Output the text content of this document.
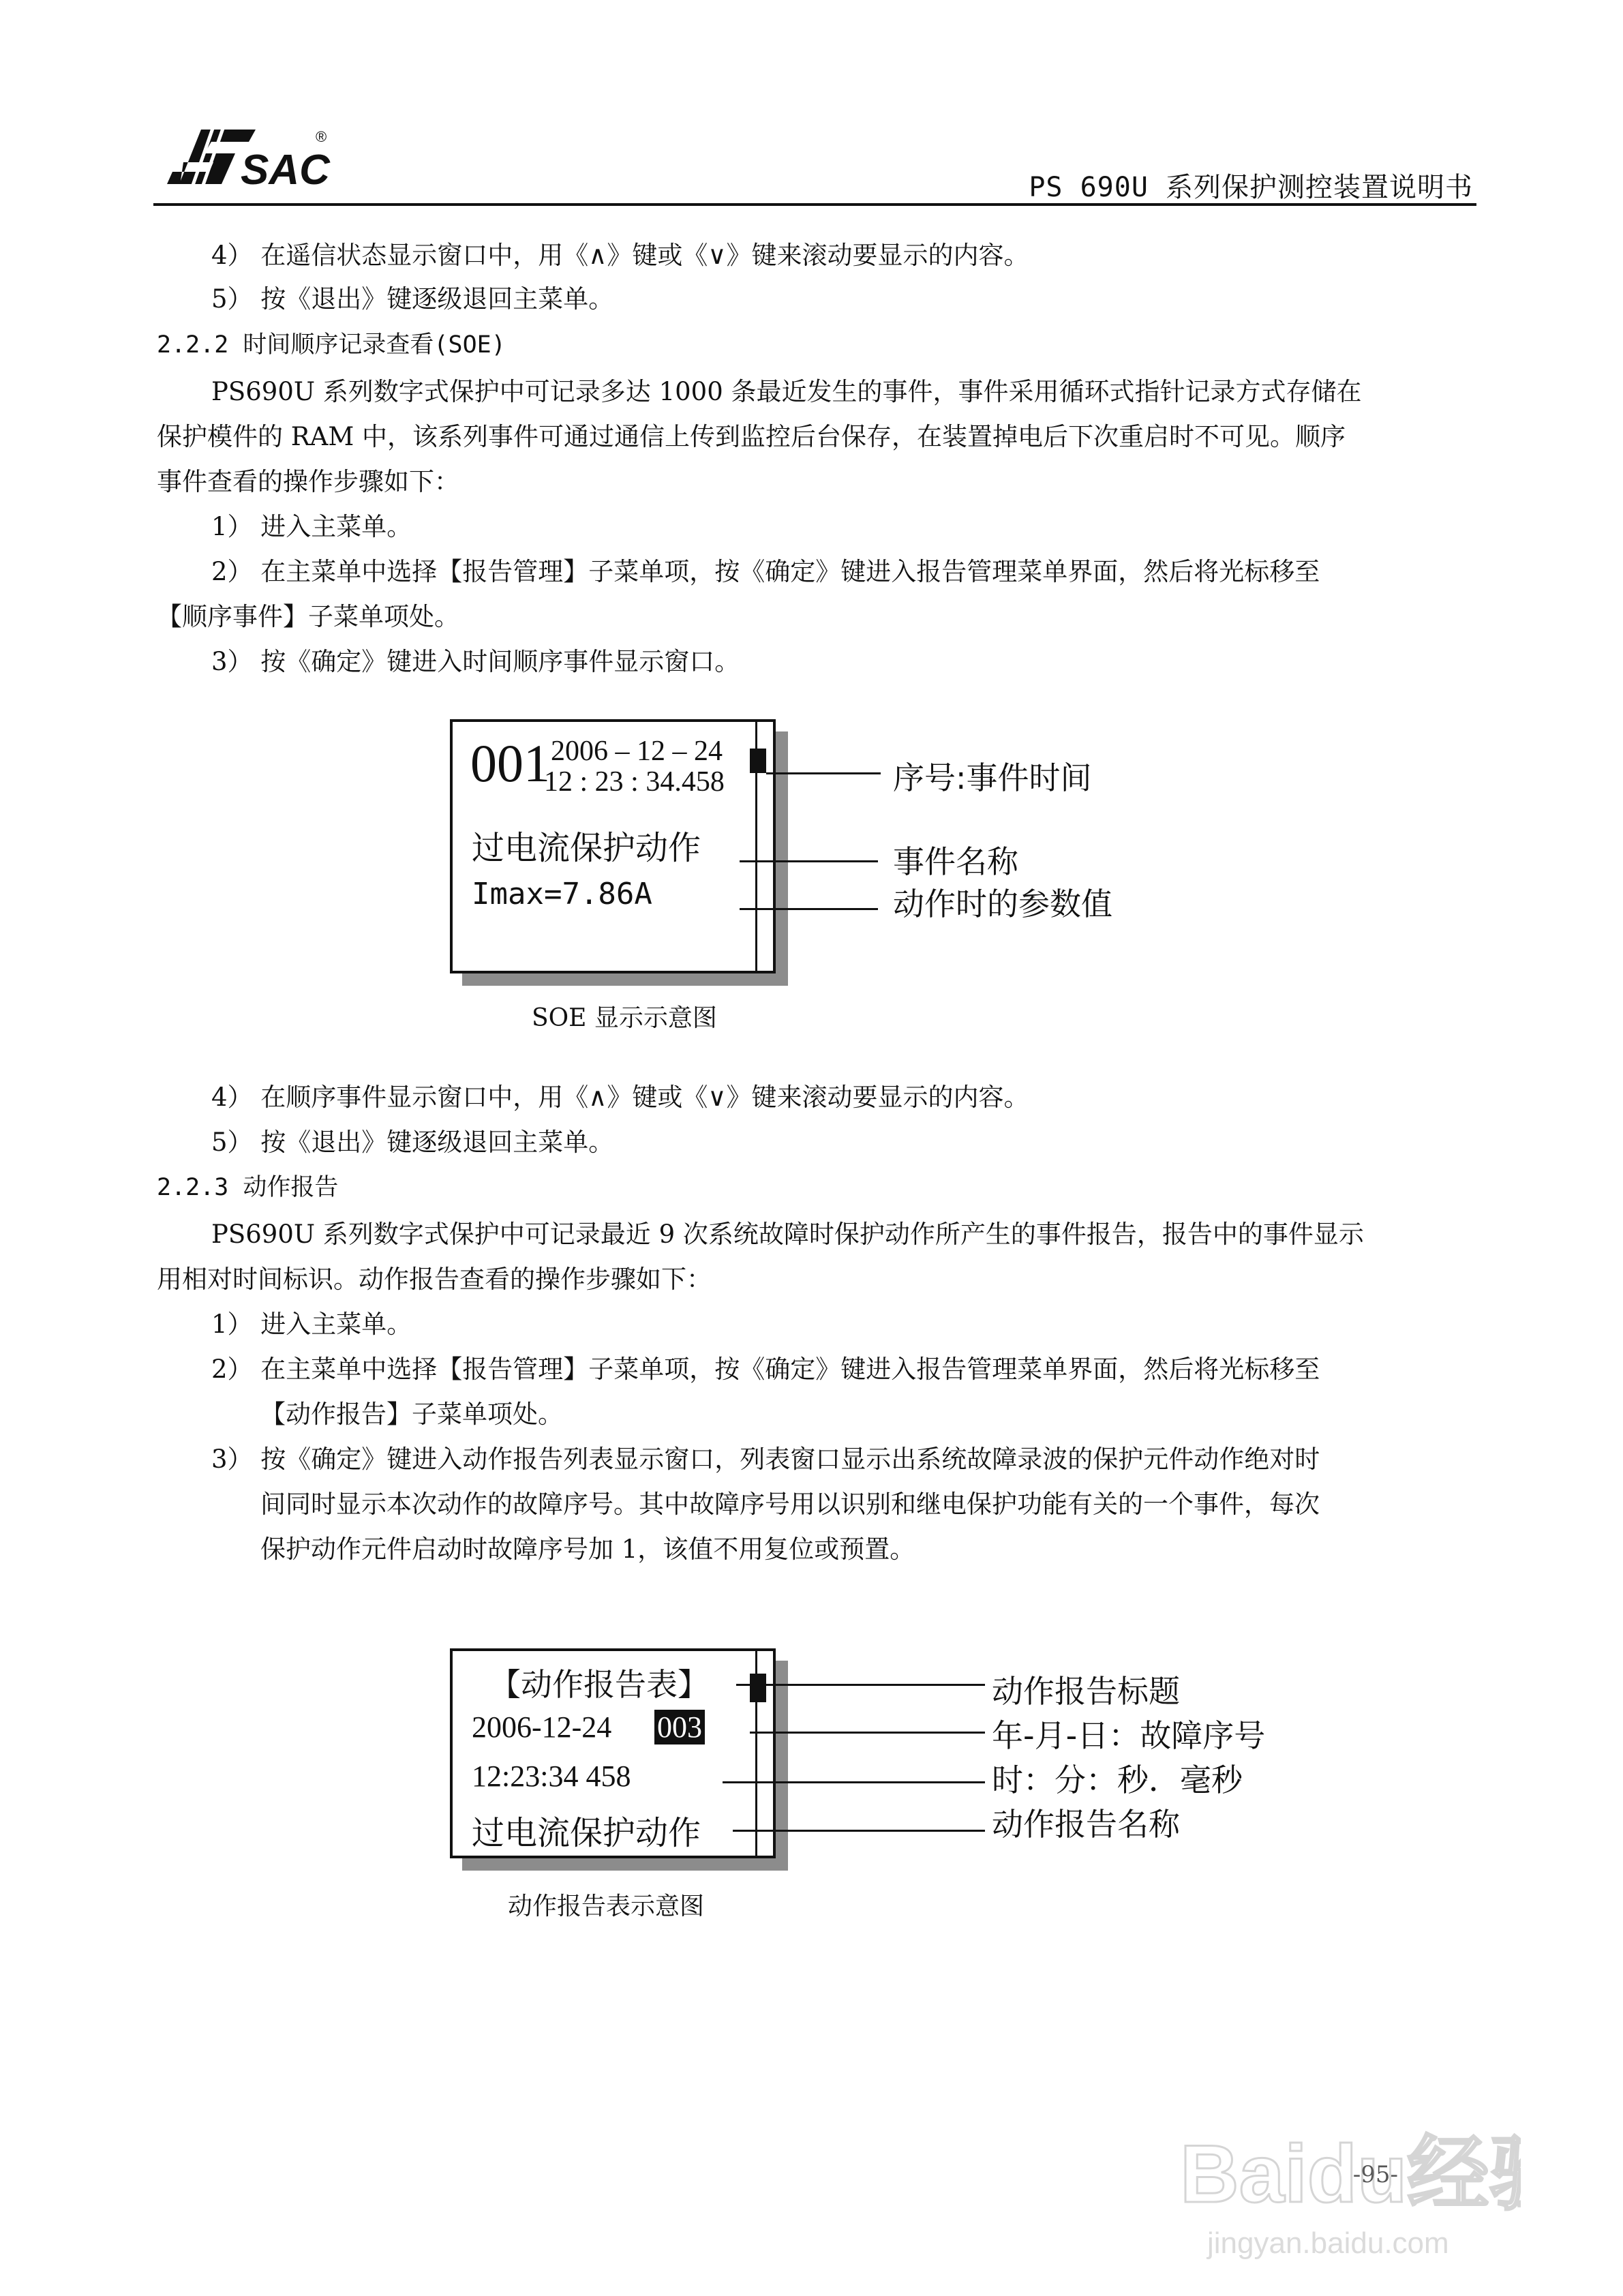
SAC
®
PS 690U 系列保护测控装置说明书
4） 在遥信状态显示窗口中，用《∧》键或《∨》键来滚动要显示的内容。
5） 按《退出》键逐级退回主菜单。
2.2.2 时间顺序记录查看(SOE)
PS690U 系列数字式保护中可记录多达 1000 条最近发生的事件，事件采用循环式指针记录方式存储在
保护模件的 RAM 中，该系列事件可通过通信上传到监控后台保存，在装置掉电后下次重启时不可见。顺序
事件查看的操作步骤如下：
1） 进入主菜单。
2） 在主菜单中选择【报告管理】子菜单项，按《确定》键进入报告管理菜单界面，然后将光标移至
【顺序事件】子菜单项处。
3） 按《确定》键进入时间顺序事件显示窗口。
001 2006 – 12 – 24
12 : 23 : 34.458
过电流保护动作
Imax=7.86A
序号:事件时间
事件名称
动作时的参数值
SOE 显示示意图
4） 在顺序事件显示窗口中，用《∧》键或《∨》键来滚动要显示的内容。
5） 按《退出》键逐级退回主菜单。
2.2.3 动作报告
PS690U 系列数字式保护中可记录最近 9 次系统故障时保护动作所产生的事件报告，报告中的事件显示
用相对时间标识。动作报告查看的操作步骤如下：
1） 进入主菜单。
2） 在主菜单中选择【报告管理】子菜单项，按《确定》键进入报告管理菜单界面，然后将光标移至
【动作报告】子菜单项处。
3） 按《确定》键进入动作报告列表显示窗口，列表窗口显示出系统故障录波的保护元件动作绝对时
间同时显示本次动作的故障序号。其中故障序号用以识别和继电保护功能有关的一个事件，每次
保护动作元件启动时故障序号加 1，该值不用复位或预置。
【动作报告表】
2006-12-24 003
12:23:34 458
过电流保护动作
动作报告标题
年-月-日：故障序号
时：分：秒．毫秒
动作报告名称
动作报告表示意图
-95-
Baidu经
jingyan.baidu.com
